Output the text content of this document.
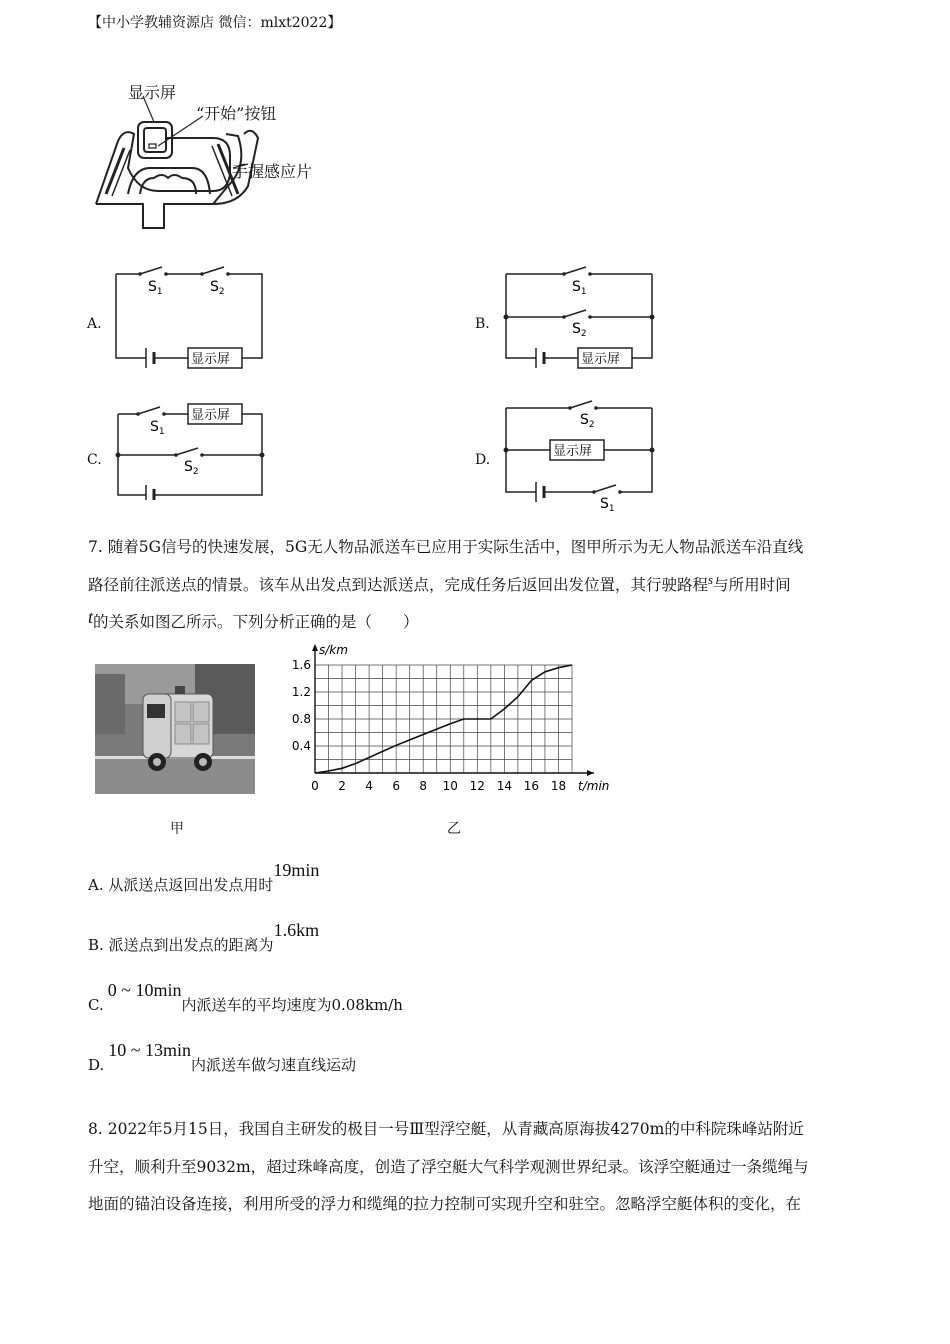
【中小学教辅资源店 微信：mlxt2022】
显示屏
“开始”按钮
手握感应片
A.
$S_1$	$S_2$
显示屏
B.
$S_1$
$S_2$
显示屏
C.
$S_1$
$S_2$
显示屏
D.
$S_2$
$S_1$
显示屏
7. 随着5G信号的快速发展，5G无人物品派送车已应用于实际生活中，图甲所示为无人物品派送车沿直线
路径前往派送点的情景。该车从出发点到达派送点，完成任务后返回出发位置，其行驶路程$^s$与所用时间
t的关系如图乙所示。下列分析正确的是（　　）
甲
0 2 4 6 8 10 12 14 16 18
0.4
0.8
1.2
1.6
s/km
t/min
乙
A. 从派送点返回出发点用时19min
B. 派送点到出发点的距离为1.6km
C.0 ~ 10min内派送车的平均速度为0.08km/h
D.10 ~ 13min内派送车做匀速直线运动
8. 2022年5月15日，我国自主研发的极目一号Ⅲ型浮空艇，从青藏高原海拔4270m的中科院珠峰站附近
升空，顺利升至9032m，超过珠峰高度，创造了浮空艇大气科学观测世界纪录。该浮空艇通过一条缆绳与
地面的锚泊设备连接，利用所受的浮力和缆绳的拉力控制可实现升空和驻空。忽略浮空艇体积的变化，在
